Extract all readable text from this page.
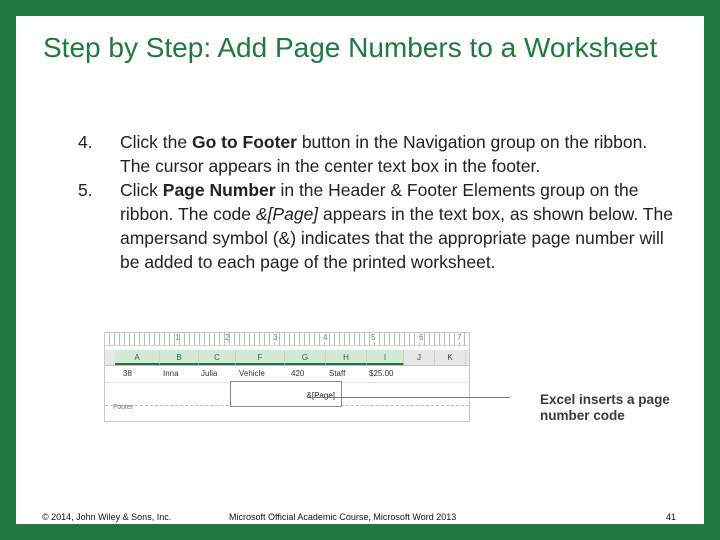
Step by Step: Add Page Numbers to a Worksheet
4. Click the Go to Footer button in the Navigation group on the ribbon. The cursor appears in the center text box in the footer.
5. Click Page Number in the Header & Footer Elements group on the ribbon. The code &[Page] appears in the text box, as shown below. The ampersand symbol (&) indicates that the appropriate page number will be added to each page of the printed worksheet.
Excel inserts a page number code
© 2014, John Wiley & Sons, Inc.	Microsoft Official Academic Course, Microsoft Word 2013	41
1	2	3	4	5	6	7
A	B	C	F	G	H	I	J	K
38	Inna	Julia	Vehicle	420	Staff	$25.00
&[Page]
Footer
